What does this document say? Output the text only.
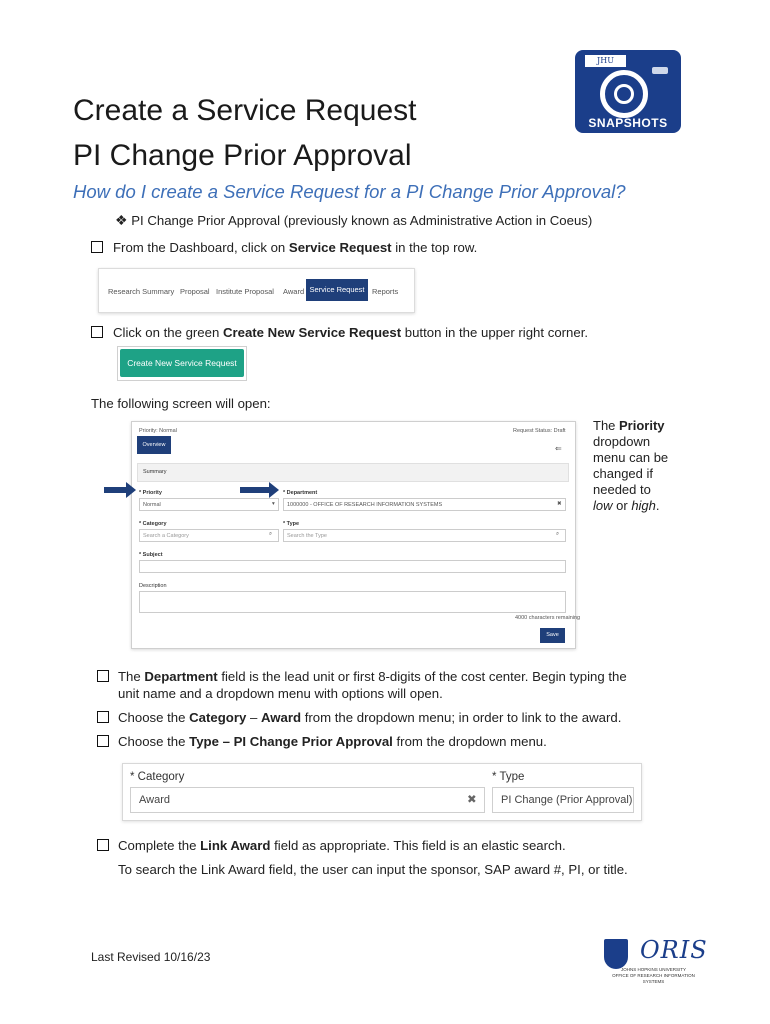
JHU
SNAPSHOTS
Create a Service Request
PI Change Prior Approval
How do I create a Service Request for a PI Change Prior Approval?
❖ PI Change Prior Approval (previously known as Administrative Action in Coeus)
From the Dashboard, click on Service Request in the top row.
Research Summary Proposal Institute Proposal Award Service Request Reports
Click on the green Create New Service Request button in the upper right corner.
Create New Service Request
The following screen will open:
Priority: Normal	Request Status: Draft
Overview	⇐
Summary
* Priority
Normal	▾
* Department
1000000 - OFFICE OF RESEARCH INFORMATION SYSTEMS	✖
* Category
Search a Category	⌕
* Type
Search the Type	⌕
* Subject
Description
4000 characters remaining
Save
The Priority
dropdown
menu can be
changed if
needed to
low or high.
The Department field is the lead unit or first 8-digits of the cost center. Begin typing the
unit name and a dropdown menu with options will open.
Choose the Category – Award from the dropdown menu; in order to link to the award.
Choose the Type – PI Change Prior Approval from the dropdown menu.
* Category
Award	✖
* Type
PI Change (Prior Approval)
Complete the Link Award field as appropriate. This field is an elastic search.
To search the Link Award field, the user can input the sponsor, SAP award #, PI, or title.
Last Revised 10/16/23	ORIS
JOHNS HOPKINS UNIVERSITY
OFFICE OF RESEARCH INFORMATION SYSTEMS
